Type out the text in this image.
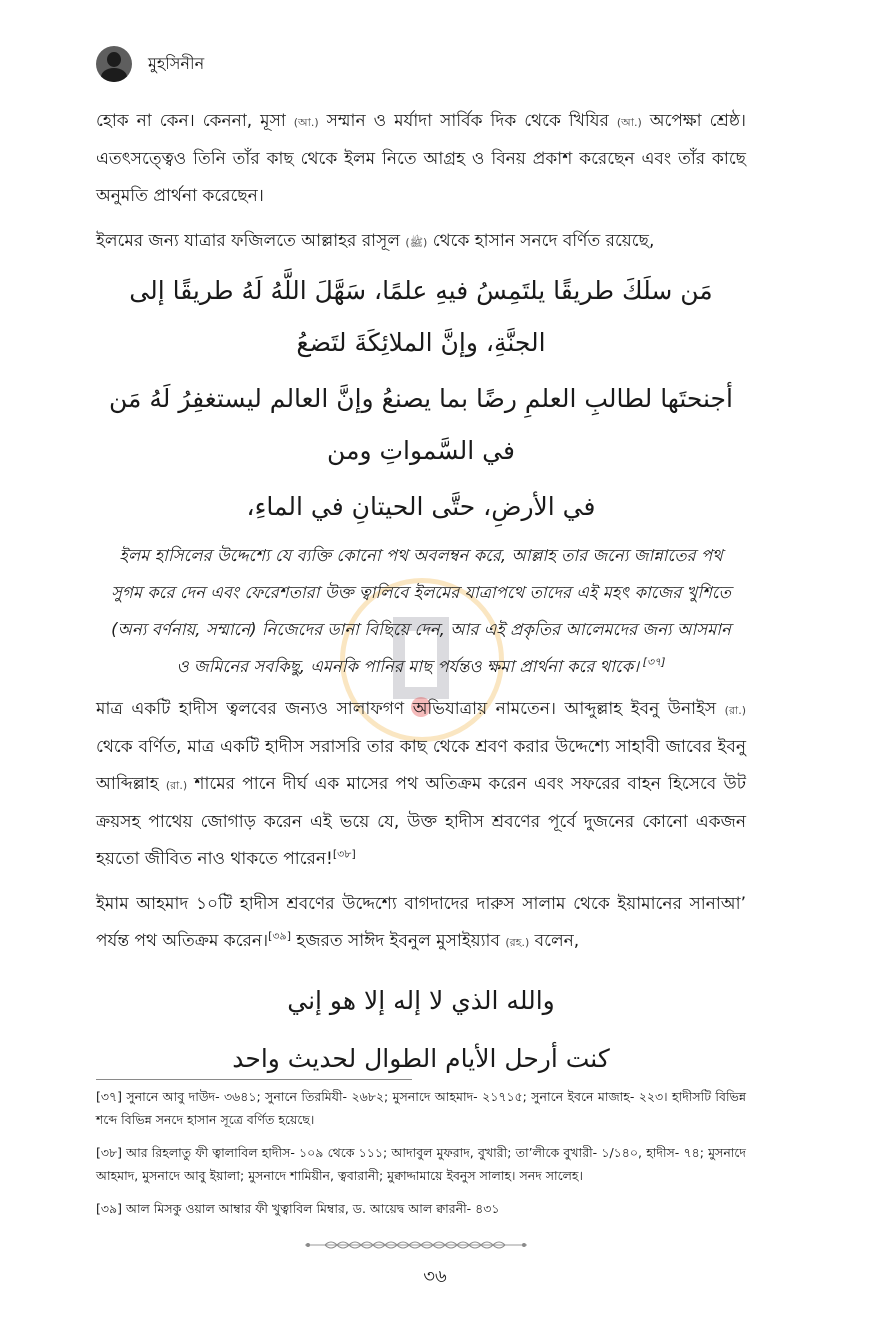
মুহসিনীন

হোক না কেন। কেননা, মূসা (আ.) সম্মান ও মর্যাদা সার্বিক দিক থেকে খিযির (আ.) অপেক্ষা শ্রেষ্ঠ। এতৎসত্ত্বেও তিনি তাঁর কাছ থেকে ইলম নিতে আগ্রহ ও বিনয় প্রকাশ করেছেন এবং তাঁর কাছে অনুমতি প্রার্থনা করেছেন।

ইলমের জন্য যাত্রার ফজিলতে আল্লাহর রাসূল (ﷺ) থেকে হাসান সনদে বর্ণিত রয়েছে,

مَن سلَكَ طريقًا يلتَمِسُ فيهِ علمًا، سَهَّلَ اللَّهُ لَهُ طريقًا إلى الجنَّةِ، وإنَّ الملائِكَةَ لتَضعُ
أجنحتَها لطالبِ العلمِ رضًا بما يصنعُ وإنَّ العالم ليستغفِرُ لَهُ مَن في السَّمواتِ ومن
في الأرضِ، حتَّى الحيتانِ في الماءِ،

ইলম হাসিলের উদ্দেশ্যে যে ব্যক্তি কোনো পথ অবলম্বন করে, আল্লাহ তার জন্যে জান্নাতের পথ সুগম করে দেন এবং ফেরেশতারা উক্ত ত্বালিবে ইলমের যাত্রাপথে তাদের এই মহৎ কাজের খুশিতে (অন্য বর্ণনায়, সম্মানে) নিজেদের ডানা বিছিয়ে দেন, আর এই প্রকৃতির আলেমদের জন্য আসমান ও জমিনের সবকিছু, এমনকি পানির মাছ পর্যন্তও ক্ষমা প্রার্থনা করে থাকে। [৩৭]

মাত্র একটি হাদীস ত্বলবের জন্যও সালাফগণ অভিযাত্রায় নামতেন। আব্দুল্লাহ ইবনু উনাইস (রা.) থেকে বর্ণিত, মাত্র একটি হাদীস সরাসরি তার কাছ থেকে শ্রবণ করার উদ্দেশ্যে সাহাবী জাবের ইবনু আব্দিল্লাহ (রা.) শামের পানে দীর্ঘ এক মাসের পথ অতিক্রম করেন এবং সফরের বাহন হিসেবে উট ক্রয়সহ পাথেয় জোগাড় করেন এই ভয়ে যে, উক্ত হাদীস শ্রবণের পূর্বে দুজনের কোনো একজন হয়তো জীবিত নাও থাকতে পারেন![৩৮]

ইমাম আহমাদ ১০টি হাদীস শ্রবণের উদ্দেশ্যে বাগদাদের দারুস সালাম থেকে ইয়ামানের সানাআ’ পর্যন্ত পথ অতিক্রম করেন।[৩৯] হজরত সাঈদ ইবনুল মুসাইয়্যাব (রহ.) বলেন,

والله الذي لا إله إلا هو إني
كنت أرحل الأيام الطوال لحديث واحد

[৩৭] সুনানে আবু দাউদ- ৩৬৪১; সুনানে তিরমিযী- ২৬৮২; মুসনাদে আহমাদ- ২১৭১৫; সুনানে ইবনে মাজাহ- ২২৩। হাদীসটি বিভিন্ন শব্দে বিভিন্ন সনদে হাসান সূত্রে বর্ণিত হয়েছে।

[৩৮] আর রিহলাতু ফী ত্বালাবিল হাদীস- ১০৯ থেকে ১১১; আদাবুল মুফরাদ, বুখারী; তা’লীকে বুখারী- ১/১৪০, হাদীস- ৭৪; মুসনাদে আহমাদ, মুসনাদে আবু ইয়ালা; মুসনাদে শামিয়ীন, ত্ববারানী; মুক্বাদ্দামায়ে ইবনুস সালাহ। সনদ সালেহ।

[৩৯] আল মিসকু ওয়াল আম্বার ফী খুত্বাবিল মিম্বার, ড. আয়েদ্ব আল ক্বারনী- ৪৩১

৩৬
